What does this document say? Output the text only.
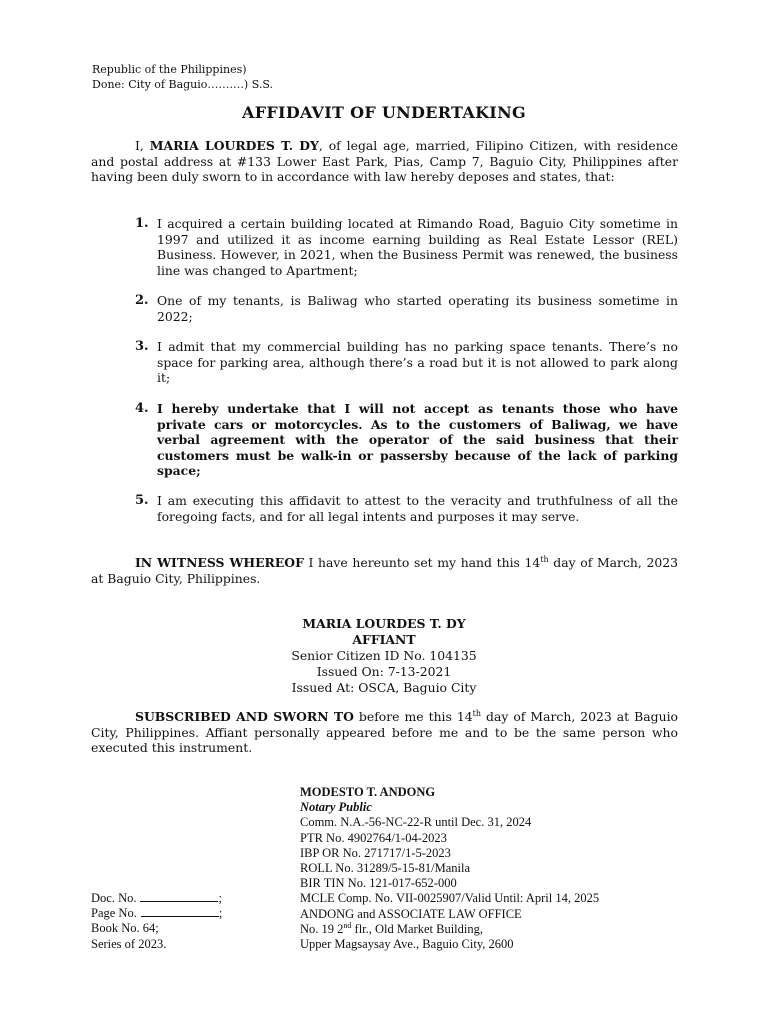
Republic of the Philippines)
Done: City of Baguio……….) S.S.
AFFIDAVIT OF UNDERTAKING
I, MARIA LOURDES T. DY, of legal age, married, Filipino Citizen, with residence and postal address at #133 Lower East Park, Pias, Camp 7, Baguio City, Philippines after having been duly sworn to in accordance with law hereby deposes and states, that:
1. I acquired a certain building located at Rimando Road, Baguio City sometime in 1997 and utilized it as income earning building as Real Estate Lessor (REL) Business. However, in 2021, when the Business Permit was renewed, the business line was changed to Apartment;
2. One of my tenants, is Baliwag who started operating its business sometime in 2022;
3. I admit that my commercial building has no parking space tenants. There’s no space for parking area, although there’s a road but it is not allowed to park along it;
4. I hereby undertake that I will not accept as tenants those who have private cars or motorcycles. As to the customers of Baliwag, we have verbal agreement with the operator of the said business that their customers must be walk-in or passersby because of the lack of parking space;
5. I am executing this affidavit to attest to the veracity and truthfulness of all the foregoing facts, and for all legal intents and purposes it may serve.
IN WITNESS WHEREOF I have hereunto set my hand this 14th day of March, 2023 at Baguio City, Philippines.
MARIA LOURDES T. DY
AFFIANT
Senior Citizen ID No. 104135
Issued On: 7-13-2021
Issued At: OSCA, Baguio City
SUBSCRIBED AND SWORN TO before me this 14th day of March, 2023 at Baguio City, Philippines. Affiant personally appeared before me and to be the same person who executed this instrument.
MODESTO T. ANDONG
Notary Public
Comm. N.A.-56-NC-22-R until Dec. 31, 2024
PTR No. 4902764/1-04-2023
IBP OR No. 271717/1-5-2023
ROLL No. 31289/5-15-81/Manila
BIR TIN No. 121-017-652-000
MCLE Comp. No. VII-0025907/Valid Until: April 14, 2025
ANDONG and ASSOCIATE LAW OFFICE
No. 19 2nd flr., Old Market Building,
Upper Magsaysay Ave., Baguio City, 2600
Doc. No.	;
Page No.	;
Book No. 64;
Series of 2023.
